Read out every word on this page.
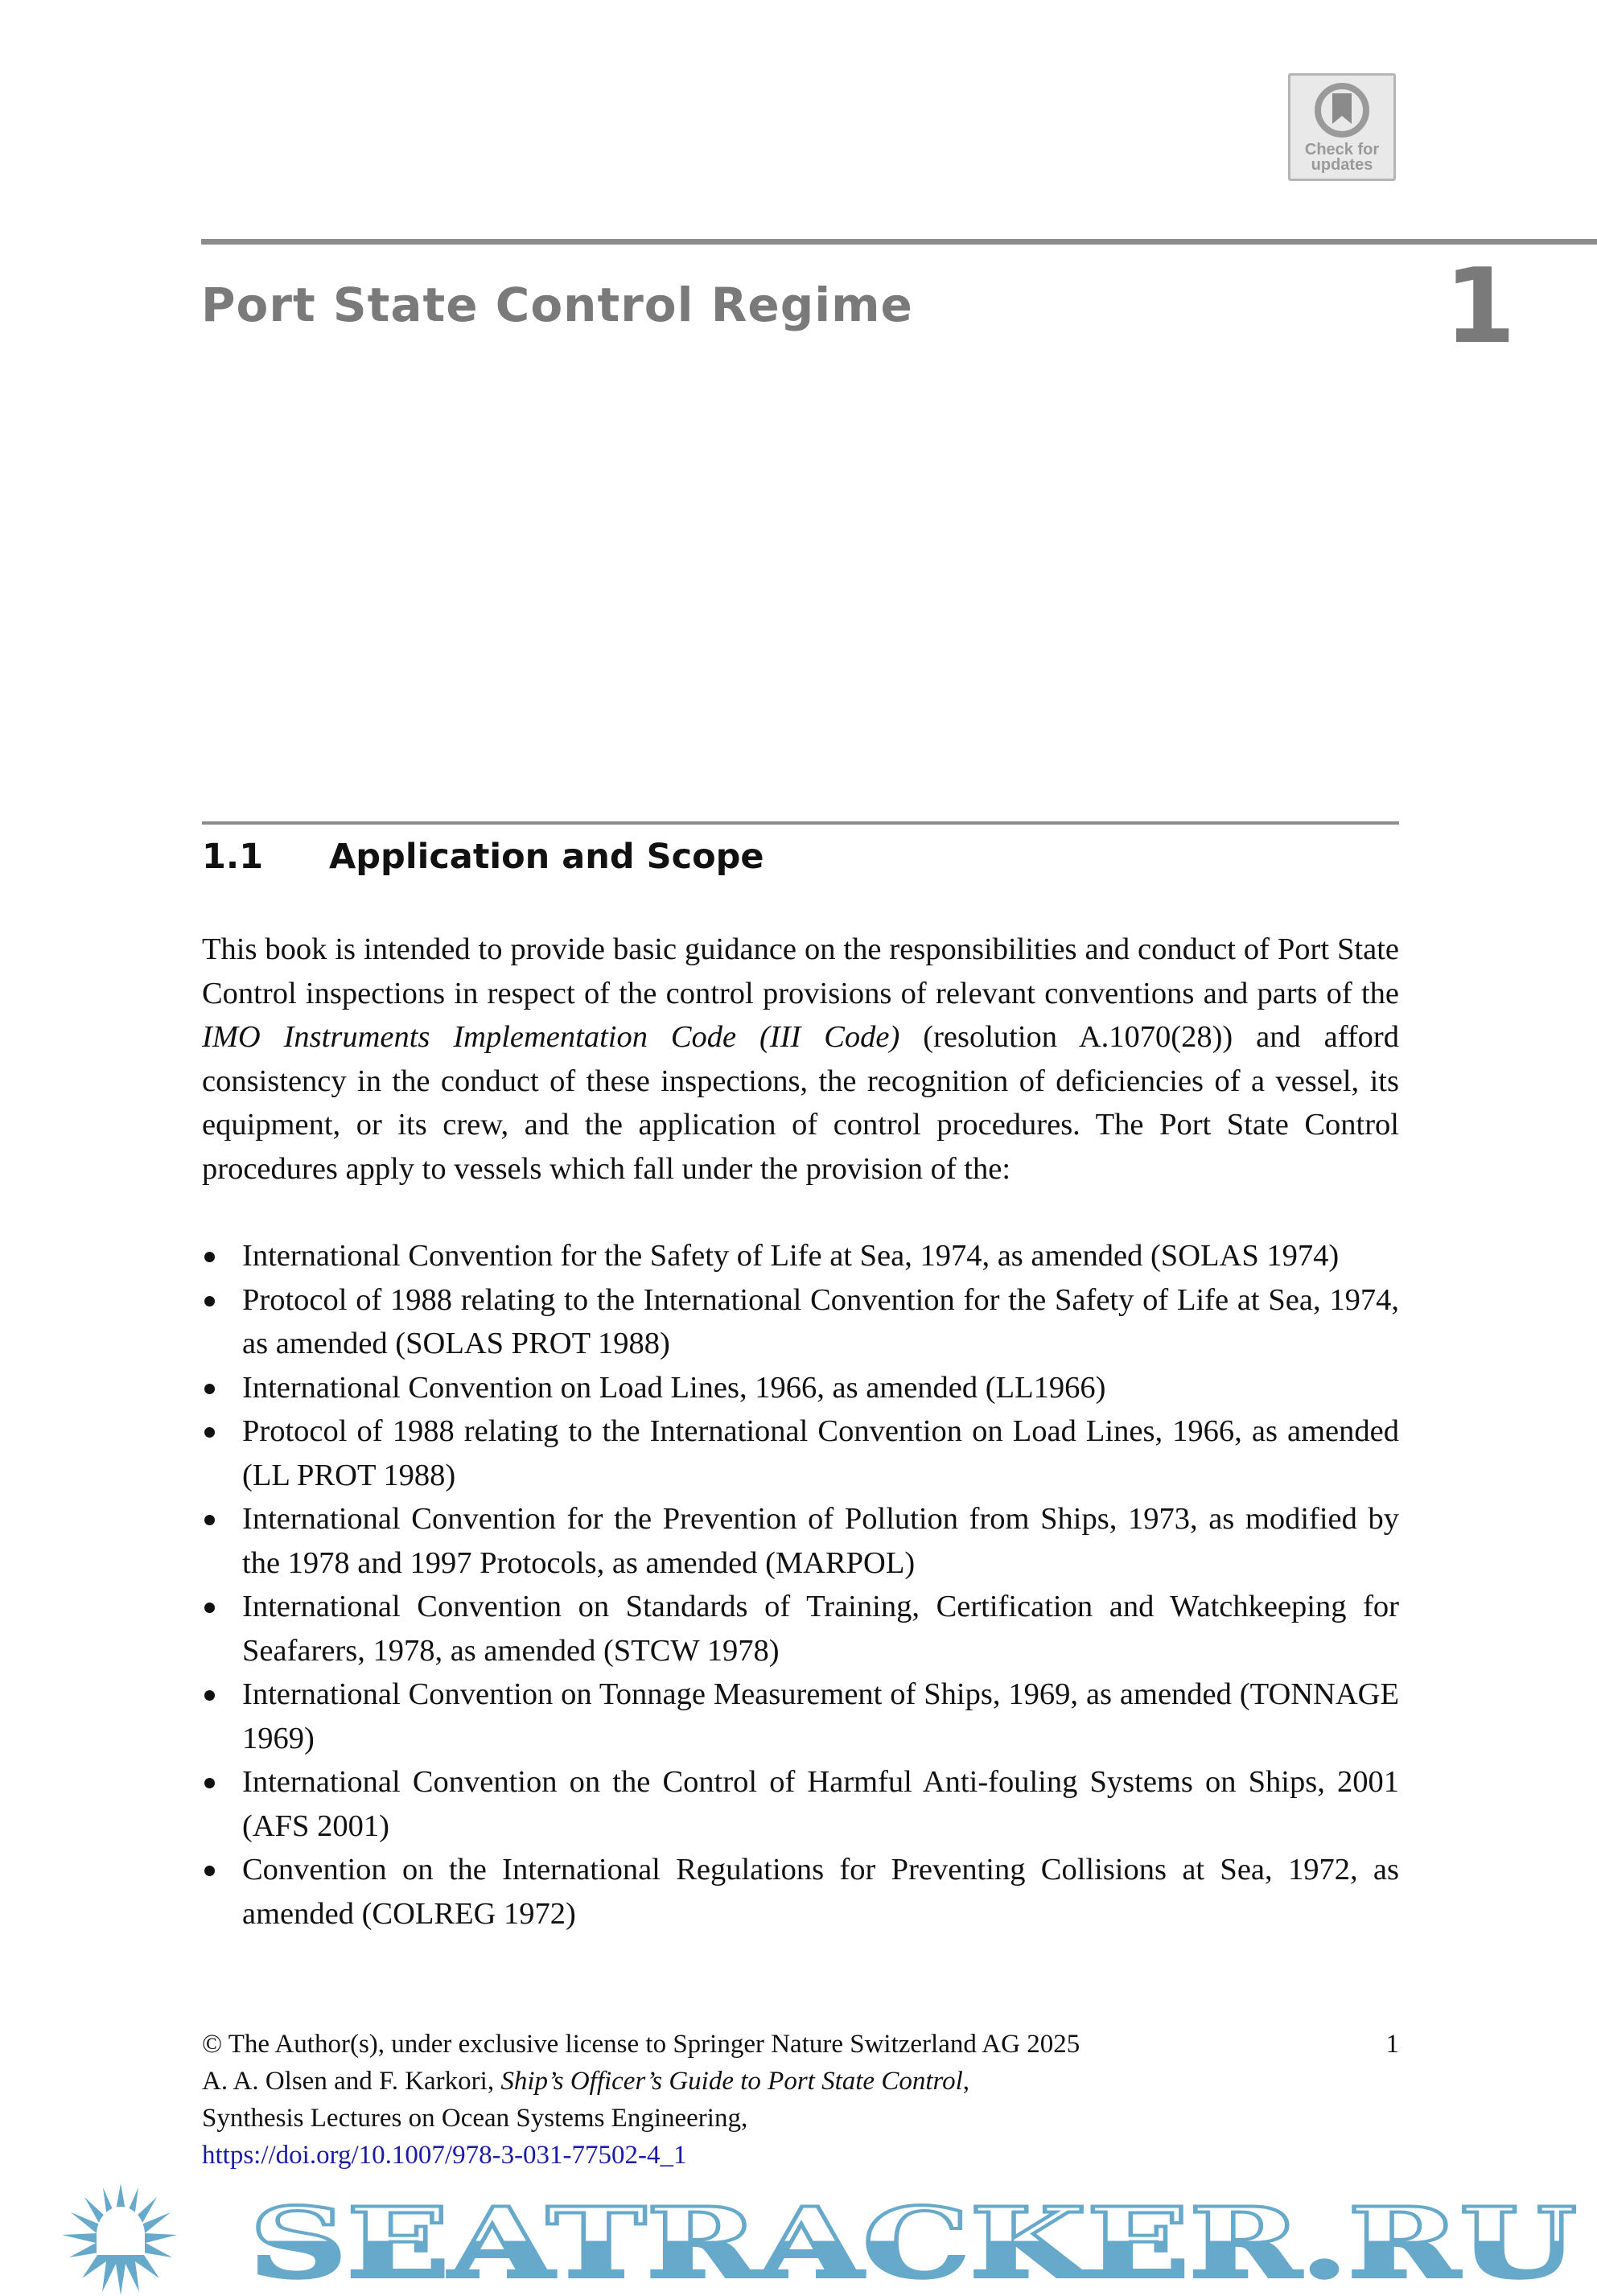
Check for
updates
Port State Control Regime	1
1.1 Application and Scope

This book is intended to provide basic guidance on the responsibilities and conduct of Port State Control inspections in respect of the control provisions of relevant conventions and parts of the IMO Instruments Implementation Code (III Code) (resolution A.1070(28)) and afford consistency in the conduct of these inspections, the recognition of deficiencies of a vessel, its equipment, or its crew, and the application of control procedures. The Port State Control procedures apply to vessels which fall under the provision of the:

International Convention for the Safety of Life at Sea, 1974, as amended (SOLAS 1974)
Protocol of 1988 relating to the International Convention for the Safety of Life at Sea, 1974, as amended (SOLAS PROT 1988)
International Convention on Load Lines, 1966, as amended (LL1966)
Protocol of 1988 relating to the International Convention on Load Lines, 1966, as amended (LL PROT 1988)
International Convention for the Prevention of Pollution from Ships, 1973, as modified by the 1978 and 1997 Protocols, as amended (MARPOL)
International Convention on Standards of Training, Certification and Watchkeeping for Seafarers, 1978, as amended (STCW 1978)
International Convention on Tonnage Measurement of Ships, 1969, as amended (TONNAGE 1969)
International Convention on the Control of Harmful Anti-fouling Systems on Ships, 2001 (AFS 2001)
Convention on the International Regulations for Preventing Collisions at Sea, 1972, as amended (COLREG 1972)
© The Author(s), under exclusive license to Springer Nature Switzerland AG 2025	1
A. A. Olsen and F. Karkori, Ship’s Officer’s Guide to Port State Control,
Synthesis Lectures on Ocean Systems Engineering,
https://doi.org/10.1007/978-3-031-77502-4_1
SEATRACKER.RU
